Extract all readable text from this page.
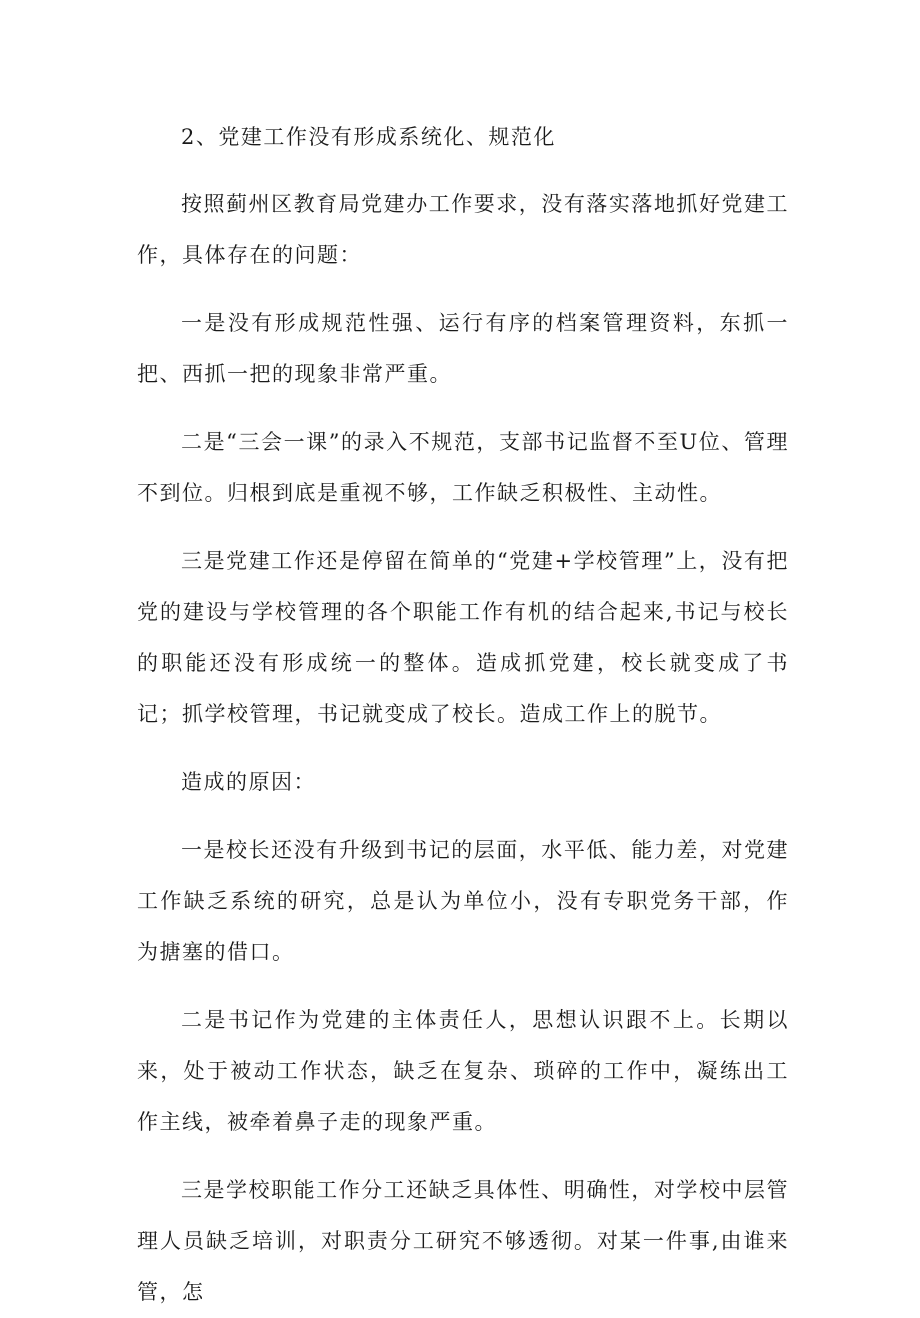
2、党建工作没有形成系统化、规范化

按照蓟州区教育局党建办工作要求，没有落实落地抓好党建工作，具体存在的问题：

一是没有形成规范性强、运行有序的档案管理资料，东抓一把、西抓一把的现象非常严重。

二是“三会一课”的录入不规范，支部书记监督不至U位、管理不到位。归根到底是重视不够，工作缺乏积极性、主动性。

三是党建工作还是停留在简单的“党建+学校管理”上，没有把党的建设与学校管理的各个职能工作有机的结合起来,书记与校长的职能还没有形成统一的整体。造成抓党建，校长就变成了书记；抓学校管理，书记就变成了校长。造成工作上的脱节。

造成的原因：

一是校长还没有升级到书记的层面，水平低、能力差，对党建工作缺乏系统的研究，总是认为单位小，没有专职党务干部，作为搪塞的借口。

二是书记作为党建的主体责任人，思想认识跟不上。长期以来，处于被动工作状态，缺乏在复杂、琐碎的工作中，凝练出工作主线，被牵着鼻子走的现象严重。

三是学校职能工作分工还缺乏具体性、明确性，对学校中层管理人员缺乏培训，对职责分工研究不够透彻。对某一件事,由谁来管，怎
